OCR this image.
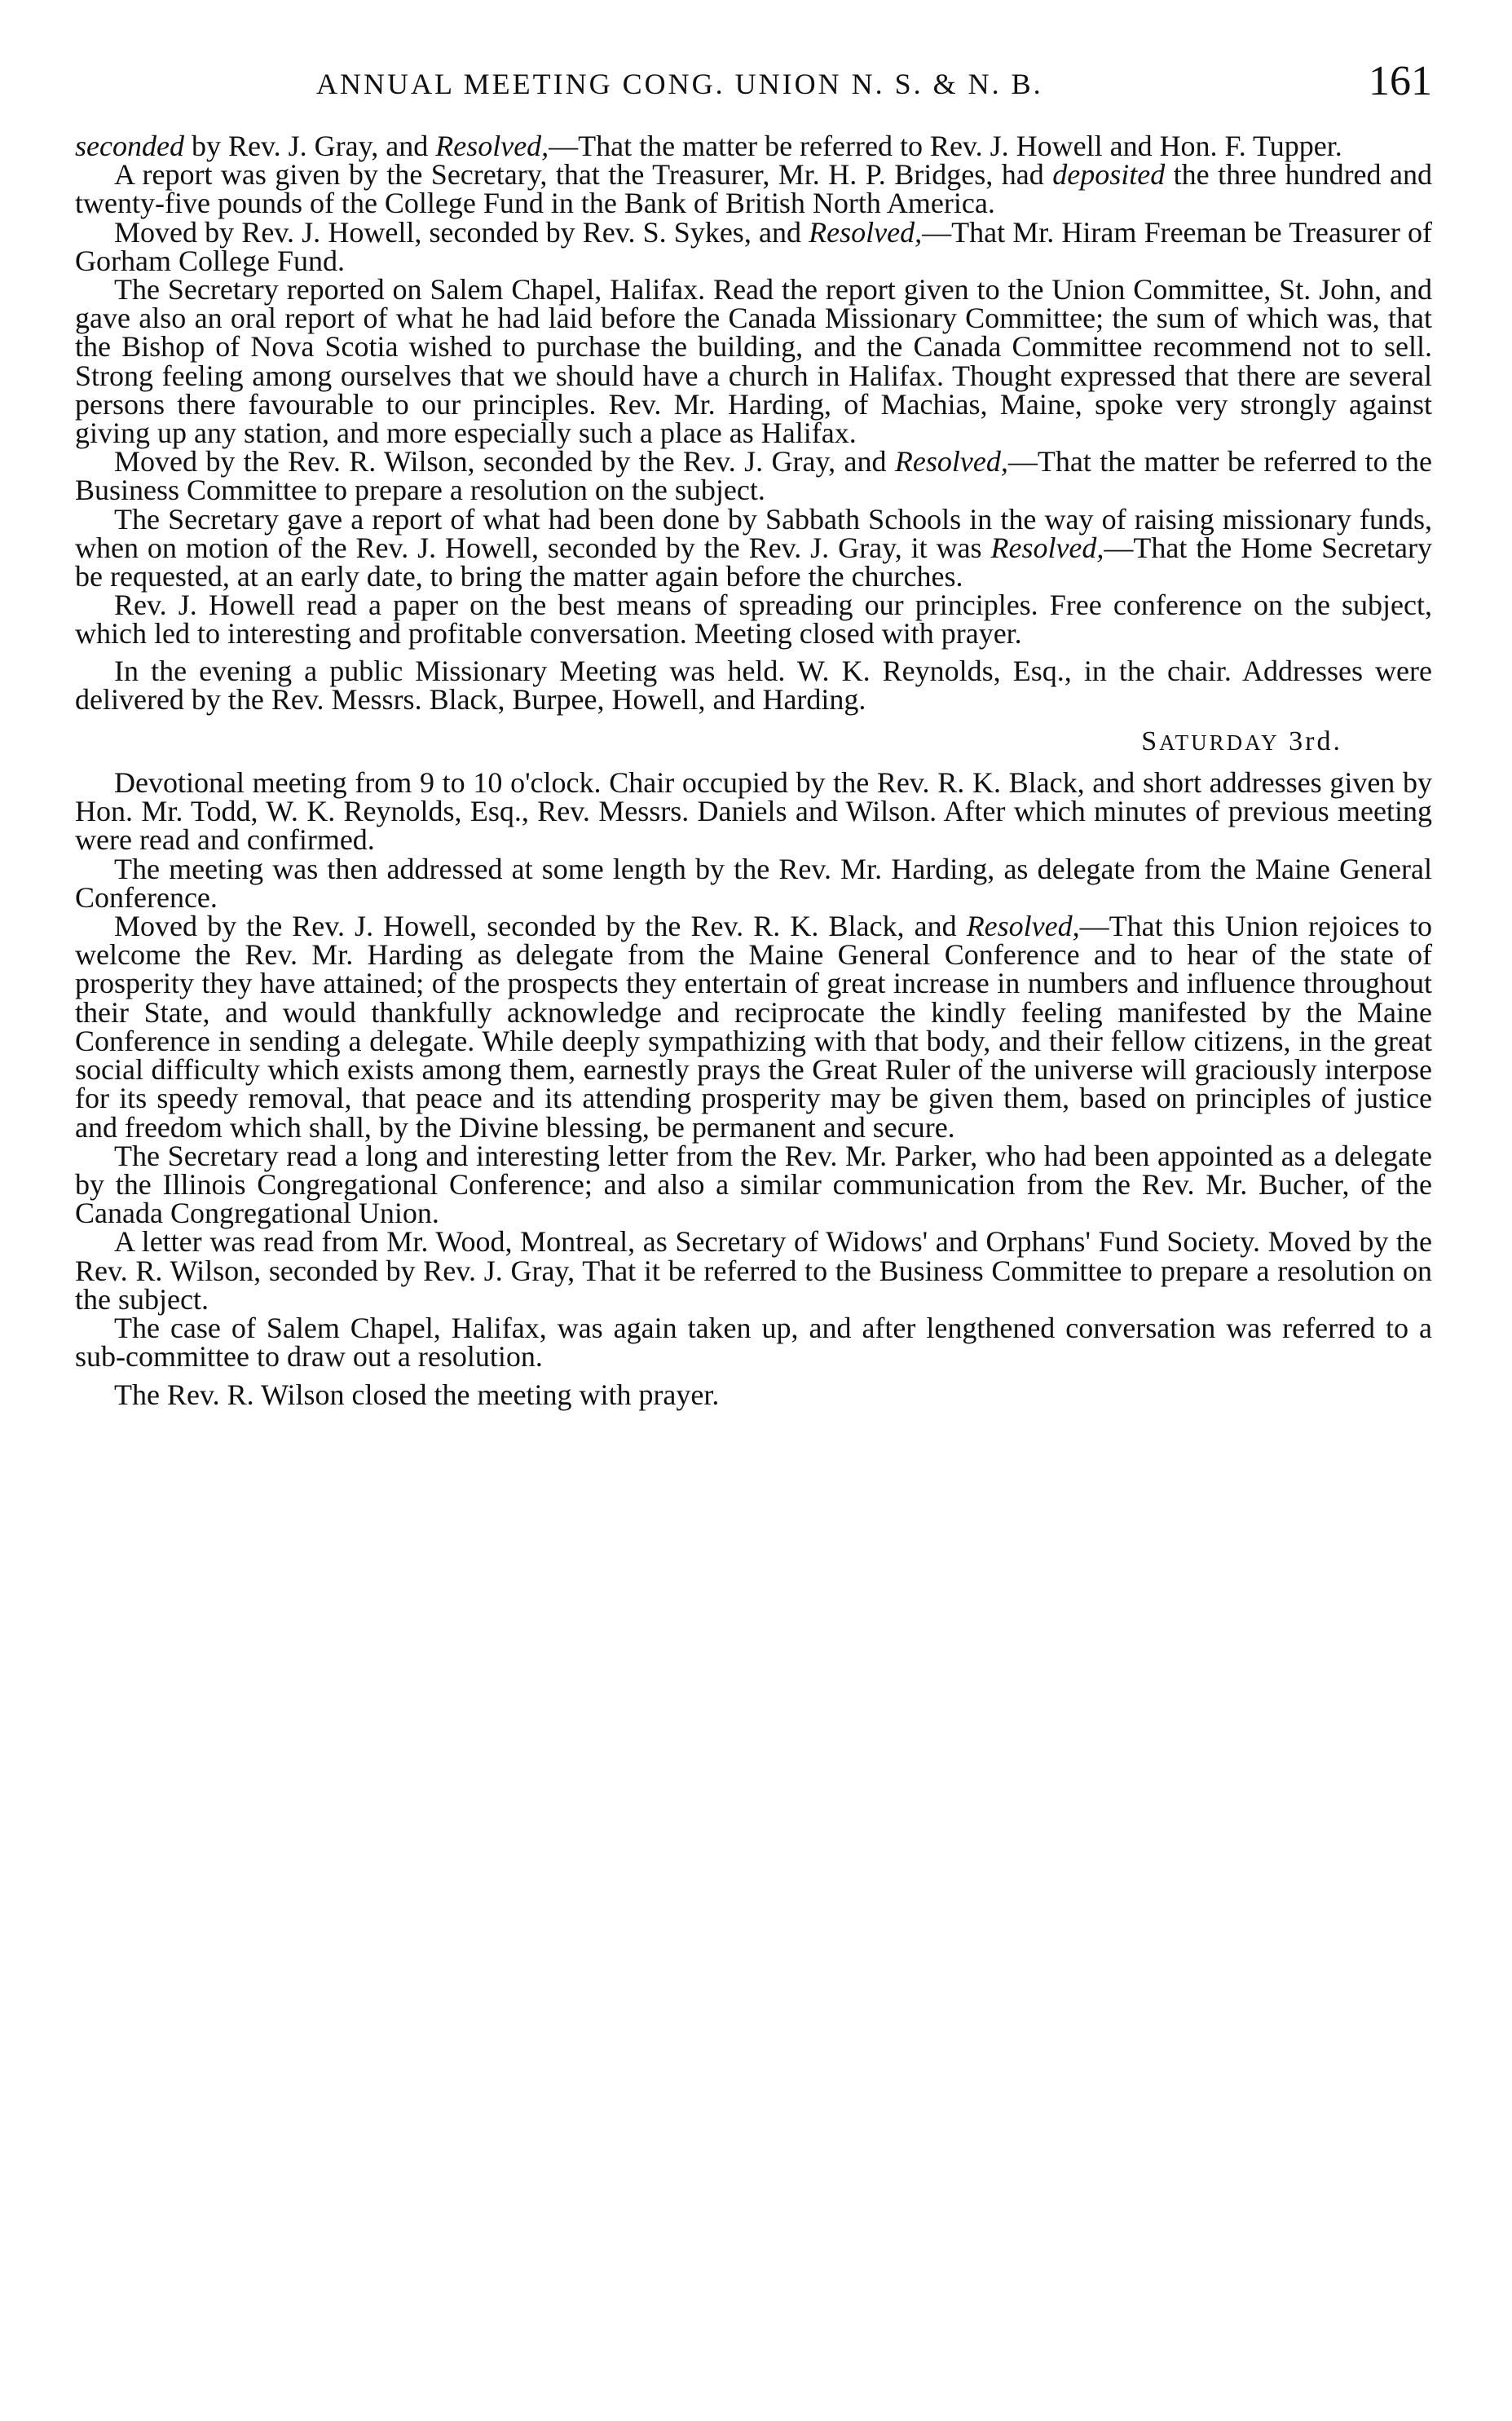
ANNUAL MEETING CONG. UNION N. S. & N. B.	161

seconded by Rev. J. Gray, and Resolved,—That the matter be referred to Rev. J. Howell and Hon. F. Tupper.

A report was given by the Secretary, that the Treasurer, Mr. H. P. Bridges, had deposited the three hundred and twenty-five pounds of the College Fund in the Bank of British North America.

Moved by Rev. J. Howell, seconded by Rev. S. Sykes, and Resolved,—That Mr. Hiram Freeman be Treasurer of Gorham College Fund.

The Secretary reported on Salem Chapel, Halifax. Read the report given to the Union Committee, St. John, and gave also an oral report of what he had laid before the Canada Missionary Committee; the sum of which was, that the Bishop of Nova Scotia wished to purchase the building, and the Canada Committee recommend not to sell. Strong feeling among ourselves that we should have a church in Halifax. Thought expressed that there are several persons there favourable to our principles. Rev. Mr. Harding, of Machias, Maine, spoke very strongly against giving up any station, and more especially such a place as Halifax.

Moved by the Rev. R. Wilson, seconded by the Rev. J. Gray, and Resolved,—That the matter be referred to the Business Committee to prepare a resolution on the subject.

The Secretary gave a report of what had been done by Sabbath Schools in the way of raising missionary funds, when on motion of the Rev. J. Howell, seconded by the Rev. J. Gray, it was Resolved,—That the Home Secretary be requested, at an early date, to bring the matter again before the churches.

Rev. J. Howell read a paper on the best means of spreading our principles. Free conference on the subject, which led to interesting and profitable conversation. Meeting closed with prayer.

In the evening a public Missionary Meeting was held. W. K. Reynolds, Esq., in the chair. Addresses were delivered by the Rev. Messrs. Black, Burpee, Howell, and Harding.

SATURDAY 3rd.

Devotional meeting from 9 to 10 o'clock. Chair occupied by the Rev. R. K. Black, and short addresses given by Hon. Mr. Todd, W. K. Reynolds, Esq., Rev. Messrs. Daniels and Wilson. After which minutes of previous meeting were read and confirmed.

The meeting was then addressed at some length by the Rev. Mr. Harding, as delegate from the Maine General Conference.

Moved by the Rev. J. Howell, seconded by the Rev. R. K. Black, and Resolved,—That this Union rejoices to welcome the Rev. Mr. Harding as delegate from the Maine General Conference and to hear of the state of prosperity they have attained; of the prospects they entertain of great increase in numbers and influence throughout their State, and would thankfully acknowledge and reciprocate the kindly feeling manifested by the Maine Conference in sending a delegate. While deeply sympathizing with that body, and their fellow citizens, in the great social difficulty which exists among them, earnestly prays the Great Ruler of the universe will graciously interpose for its speedy removal, that peace and its attending prosperity may be given them, based on principles of justice and freedom which shall, by the Divine blessing, be permanent and secure.

The Secretary read a long and interesting letter from the Rev. Mr. Parker, who had been appointed as a delegate by the Illinois Congregational Conference; and also a similar communication from the Rev. Mr. Bucher, of the Canada Congregational Union.

A letter was read from Mr. Wood, Montreal, as Secretary of Widows' and Orphans' Fund Society. Moved by the Rev. R. Wilson, seconded by Rev. J. Gray, That it be referred to the Business Committee to prepare a resolution on the subject.

The case of Salem Chapel, Halifax, was again taken up, and after lengthened conversation was referred to a sub-committee to draw out a resolution.

The Rev. R. Wilson closed the meeting with prayer.
